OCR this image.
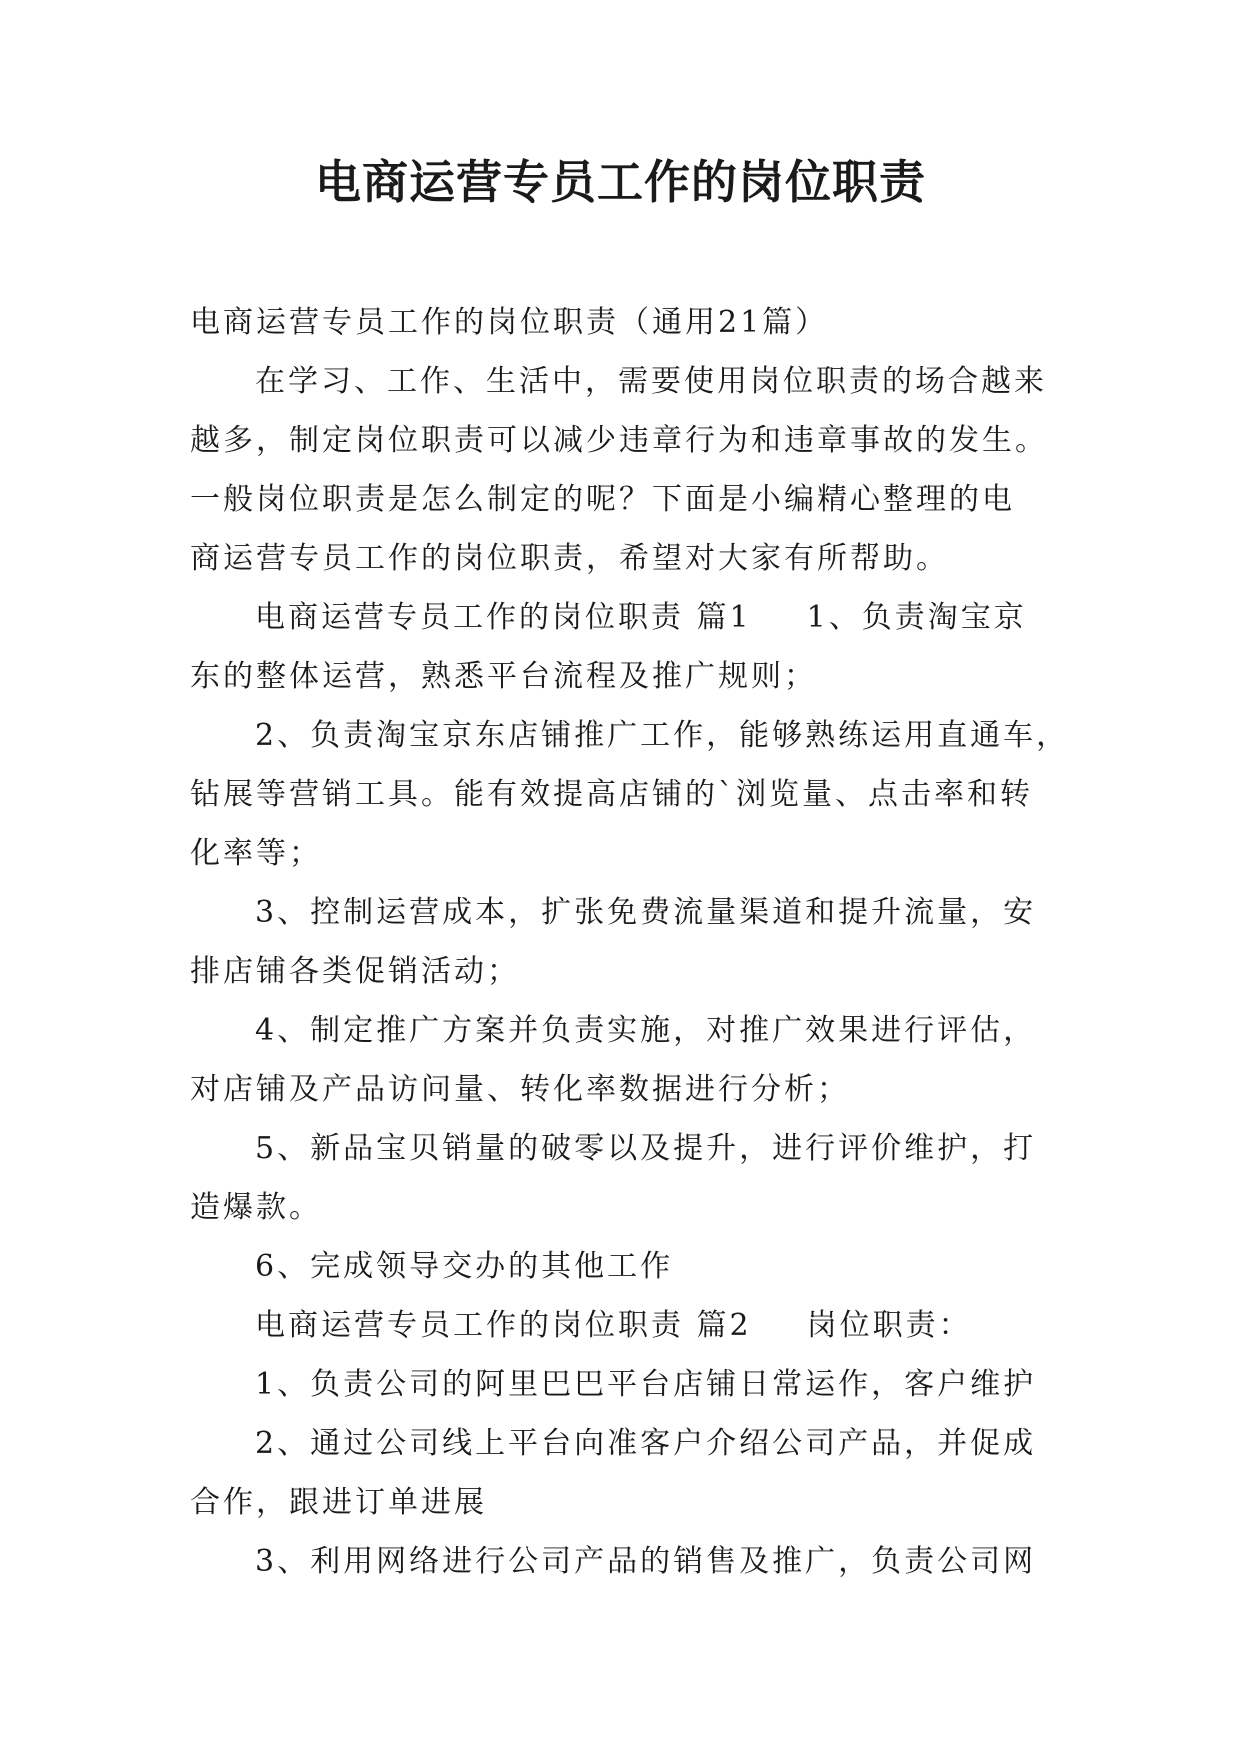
电商运营专员工作的岗位职责
电商运营专员工作的岗位职责（通用21篇）
在学习、工作、生活中，需要使用岗位职责的场合越来
越多，制定岗位职责可以减少违章行为和违章事故的发生。
一般岗位职责是怎么制定的呢？下面是小编精心整理的电
商运营专员工作的岗位职责，希望对大家有所帮助。
电商运营专员工作的岗位职责 篇1 1、负责淘宝京
东的整体运营，熟悉平台流程及推广规则；
2、负责淘宝京东店铺推广工作，能够熟练运用直通车，
钻展等营销工具。能有效提高店铺的`浏览量、点击率和转
化率等；
3、控制运营成本，扩张免费流量渠道和提升流量，安
排店铺各类促销活动；
4、制定推广方案并负责实施，对推广效果进行评估，
对店铺及产品访问量、转化率数据进行分析；
5、新品宝贝销量的破零以及提升，进行评价维护，打
造爆款。
6、完成领导交办的其他工作
电商运营专员工作的岗位职责 篇2 岗位职责：
1、负责公司的阿里巴巴平台店铺日常运作，客户维护
2、通过公司线上平台向准客户介绍公司产品，并促成
合作，跟进订单进展
3、利用网络进行公司产品的销售及推广，负责公司网
